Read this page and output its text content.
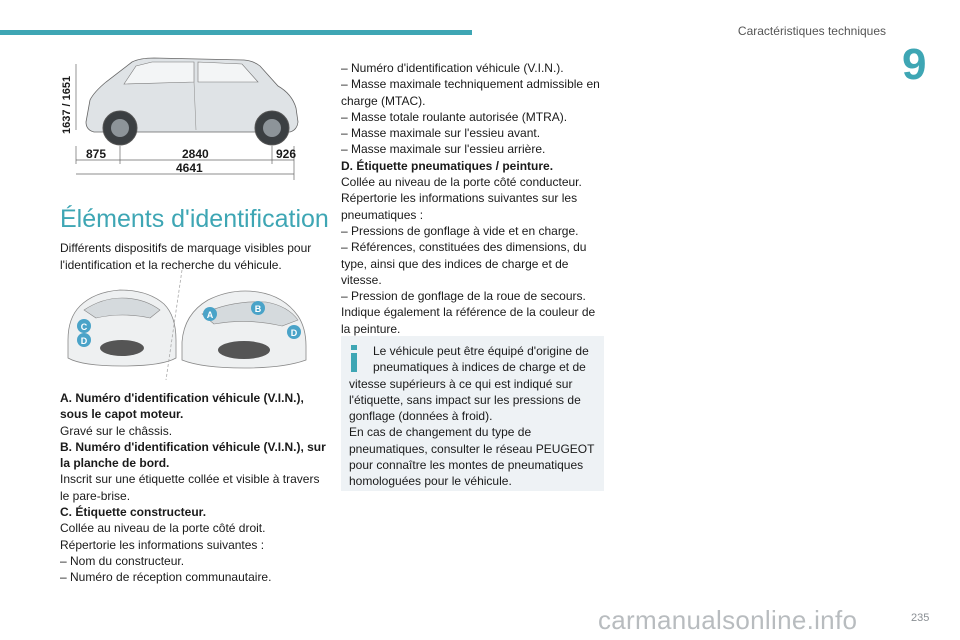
Caractéristiques techniques
9
1637 / 1651
875	2840	926
4641
Éléments d'identification

Différents dispositifs de marquage visibles pour l'identification et la recherche du véhicule.

C
D
A
B
D

A. Numéro d'identification véhicule (V.I.N.), sous le capot moteur.

Gravé sur le châssis.

B. Numéro d'identification véhicule (V.I.N.), sur la planche de bord.

Inscrit sur une étiquette collée et visible à travers le pare-brise.

C. Étiquette constructeur.

Collée au niveau de la porte côté droit.

Répertorie les informations suivantes :

– Nom du constructeur.

– Numéro de réception communautaire.

– Numéro d'identification véhicule (V.I.N.).

– Masse maximale techniquement admissible en charge (MTAC).

– Masse totale roulante autorisée (MTRA).

– Masse maximale sur l'essieu avant.

– Masse maximale sur l'essieu arrière.

D. Étiquette pneumatiques / peinture.

Collée au niveau de la porte côté conducteur.

Répertorie les informations suivantes sur les pneumatiques :

– Pressions de gonflage à vide et en charge.

– Références, constituées des dimensions, du type, ainsi que des indices de charge et de vitesse.

– Pression de gonflage de la roue de secours.

Indique également la référence de la couleur de la peinture.

Le véhicule peut être équipé d'origine de pneumatiques à indices de charge et de

vitesse supérieurs à ce qui est indiqué sur l'étiquette, sans impact sur les pressions de gonflage (données à froid).

En cas de changement du type de pneumatiques, consulter le réseau PEUGEOT pour connaître les montes de pneumatiques homologuées pour le véhicule.

carmanualsonline.info	235
